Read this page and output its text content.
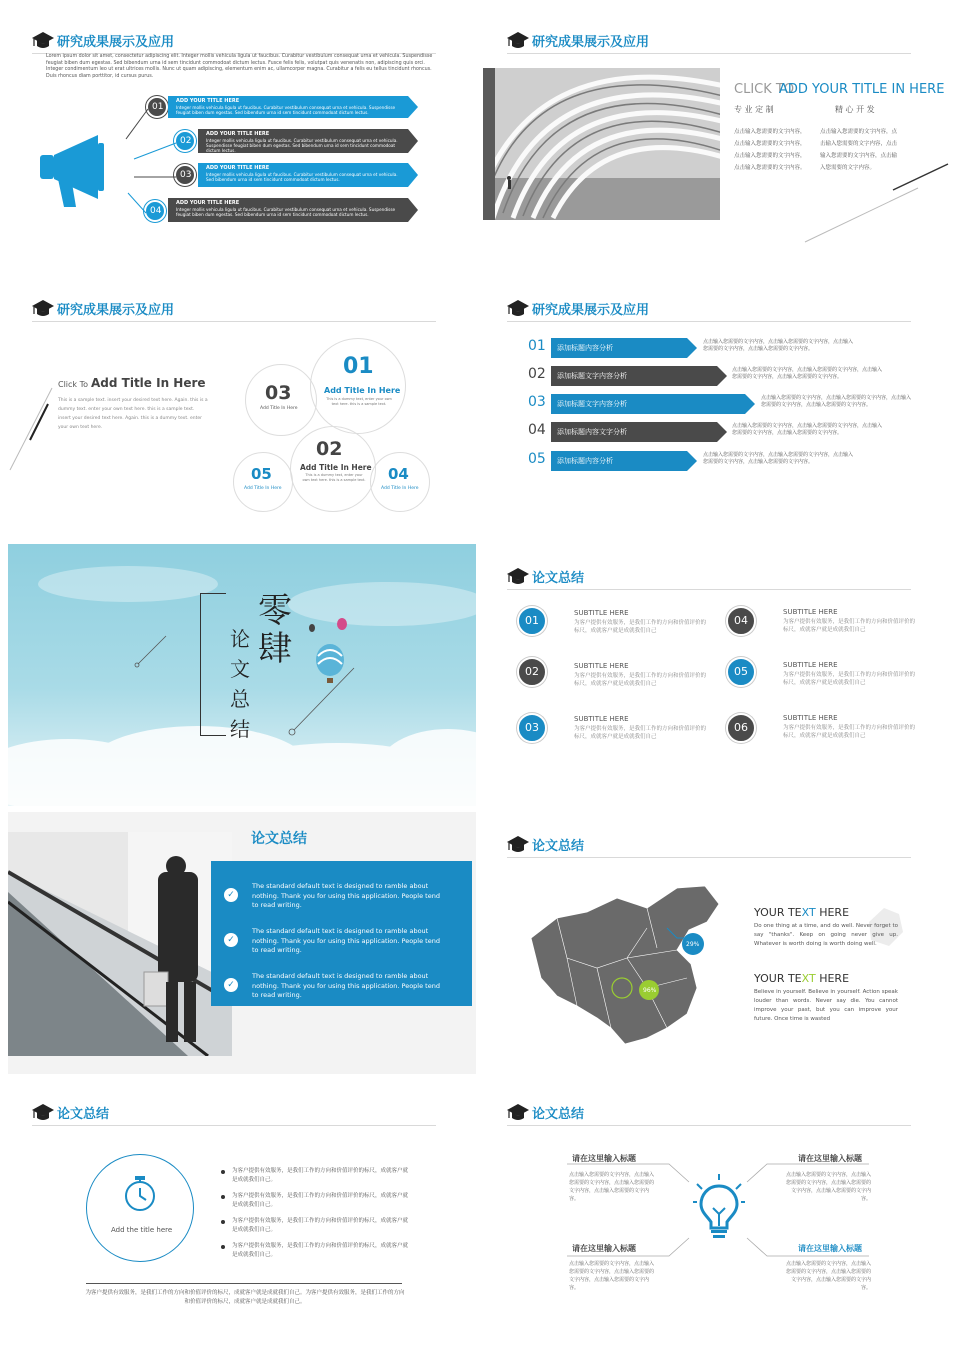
研究成果展示及应用
Lorem ipsum dolor sit amet, consectetur adipiscing elit. Integer mollis vehicula ligula ut faucibus. Curabitur vestibulum consequat urna et vehicula. Suspendisse feugiat biben dum egestas. Sed bibendum urna id sem tincidunt commodoat dictum lectus. Fusce felis felis, volutpat quis venenatis non, adipiscing quis orci. Integer condimentum leo ut erat ultrices mollis. Nunc ut quam adipiscing, elementum enim ac, ullamcorper magna. Curabitur a felis eu tellus tincidunt rhoncus. Duis rhoncus diam porttitor, id cursus purus.
01
ADD YOUR TITLE HERE
Integer mollis vehicula ligula ut faucibus. Curabitur vestibulum consequat urna et vehicula. Suspendisse feugiat biben dum egestas. Sed bibendum urna id sem tincidunt commodoat dictum lectus.
02
ADD YOUR TITLE HERE
Integer mollis vehicula ligula ut faucibus. Curabitur vestibulum consequat urna et vehicula. Suspendisse feugiat biben dum egestas. Sed bibendum urna id sem tincidunt commodoat dictum lectus.
03
ADD YOUR TITLE HERE
Integer mollis vehicula ligula ut faucibus. Curabitur vestibulum consequat urna et vehicula. Sed bibendum urna id sem tincidunt commodoat dictum lectus.
04
ADD YOUR TITLE HERE
Integer mollis vehicula ligula ut faucibus. Curabitur vestibulum consequat urna et vehicula. Suspendisse feugiat biben dum egestas. Sed bibendum urna id sem tincidunt commodoat dictum lectus.
研究成果展示及应用
CLICK TO
ADD YOUR TITLE IN HERE
专 业 定 制	精 心 开 发
点击输入您需要的文字内容，点击输入您需要的文字内容，点击输入您需要的文字内容，点击输入您需要的文字内容。
点击输入您需要的文字内容，点击输入您需要的文字内容，点击输入您需要的文字内容，点击输入您需要的文字内容。
研究成果展示及应用
Click To Add Title In Here
This is a sample text. insert your desired text here. Again. this is a dummy text. enter your own text here. this is a sample text. insert your desired text here. Again. this is a dummy text. enter your own text here.
03
Add Title In Here
01
Add Title In Here
This is a dummy text, enter your own text here. this is a sample text.
02
Add Title In Here
This is a dummy text, enter your own text here. this is a sample text.
05
Add Title In Here
04
Add Title In Here
研究成果展示及应用
01 添加标题内容分析
点击输入您需要的文字内容，点击输入您需要的文字内容，点击输入您需要的文字内容，点击输入您需要的文字内容。
02 添加标题文字内容分析
点击输入您需要的文字内容，点击输入您需要的文字内容，点击输入您需要的文字内容，点击输入您需要的文字内容。
03 添加标题文字内容分析
点击输入您需要的文字内容，点击输入您需要的文字内容，点击输入您需要的文字内容，点击输入您需要的文字内容。
04 添加标题内容文字分析
点击输入您需要的文字内容，点击输入您需要的文字内容，点击输入您需要的文字内容，点击输入您需要的文字内容。
05 添加标题内容分析
点击输入您需要的文字内容，点击输入您需要的文字内容，点击输入您需要的文字内容，点击输入您需要的文字内容。
零肆
论文总结
论文总结
01
SUBTITLE HERE
为客户提供有效服务，是我们工作的方向和价值评价的标尺，成就客户就是成就我们自己
02	SUBTITLE HERE
为客户提供有效服务，是我们工作的方向和价值评价的标尺，成就客户就是成就我们自己
03
SUBTITLE HERE
为客户提供有效服务，是我们工作的方向和价值评价的标尺，成就客户就是成就我们自己
04
SUBTITLE HERE
为客户提供有效服务，是我们工作的方向和价值评价的标尺，成就客户就是成就我们自己
05	SUBTITLE HERE
为客户提供有效服务，是我们工作的方向和价值评价的标尺，成就客户就是成就我们自己
06
SUBTITLE HERE
为客户提供有效服务，是我们工作的方向和价值评价的标尺，成就客户就是成就我们自己
论文总结
✓
The standard default text is designed to ramble about nothing. Thank you for using this application. People tend to read writing.
✓
The standard default text is designed to ramble about nothing. Thank you for using this application. People tend to read writing.
✓
The standard default text is designed to ramble about nothing. Thank you for using this application. People tend to read writing.
论文总结
29%
96%
YOUR TEXT HERE
Do one thing at a time, and do well. Never forget to say "thanks". Keep on going never give up. Whatever is worth doing is worth doing well.
YOUR TEXT HERE
Believe in yourself. Believe in yourself. Action speak louder than words. Never say die. You cannot improve your past, but you can improve your future. Once time is wasted
论文总结
Add the title here
为客户提供有效服务，是我们工作的方向和价值评价的标尺，成就客户就是成就我们自己。
为客户提供有效服务，是我们工作的方向和价值评价的标尺，成就客户就是成就我们自己。
为客户提供有效服务，是我们工作的方向和价值评价的标尺，成就客户就是成就我们自己。
为客户提供有效服务，是我们工作的方向和价值评价的标尺，成就客户就是成就我们自己。
为客户提供有效服务，是我们工作的方向和价值评价的标尺，成就客户就是成就我们自己。为客户提供有效服务，是我们工作的方向和价值评价的标尺，成就客户就是成就我们自己。
论文总结
请在这里输入标题
点击输入您需要的文字内容，点击输入您需要的文字内容，点击输入您需要的文字内容，点击输入您需要的文字内容。
请在这里输入标题
点击输入您需要的文字内容，点击输入您需要的文字内容，点击输入您需要的文字内容，点击输入您需要的文字内容。
请在这里输入标题
点击输入您需要的文字内容，点击输入您需要的文字内容，点击输入您需要的文字内容，点击输入您需要的文字内容。
请在这里输入标题
点击输入您需要的文字内容，点击输入您需要的文字内容，点击输入您需要的文字内容，点击输入您需要的文字内容。
